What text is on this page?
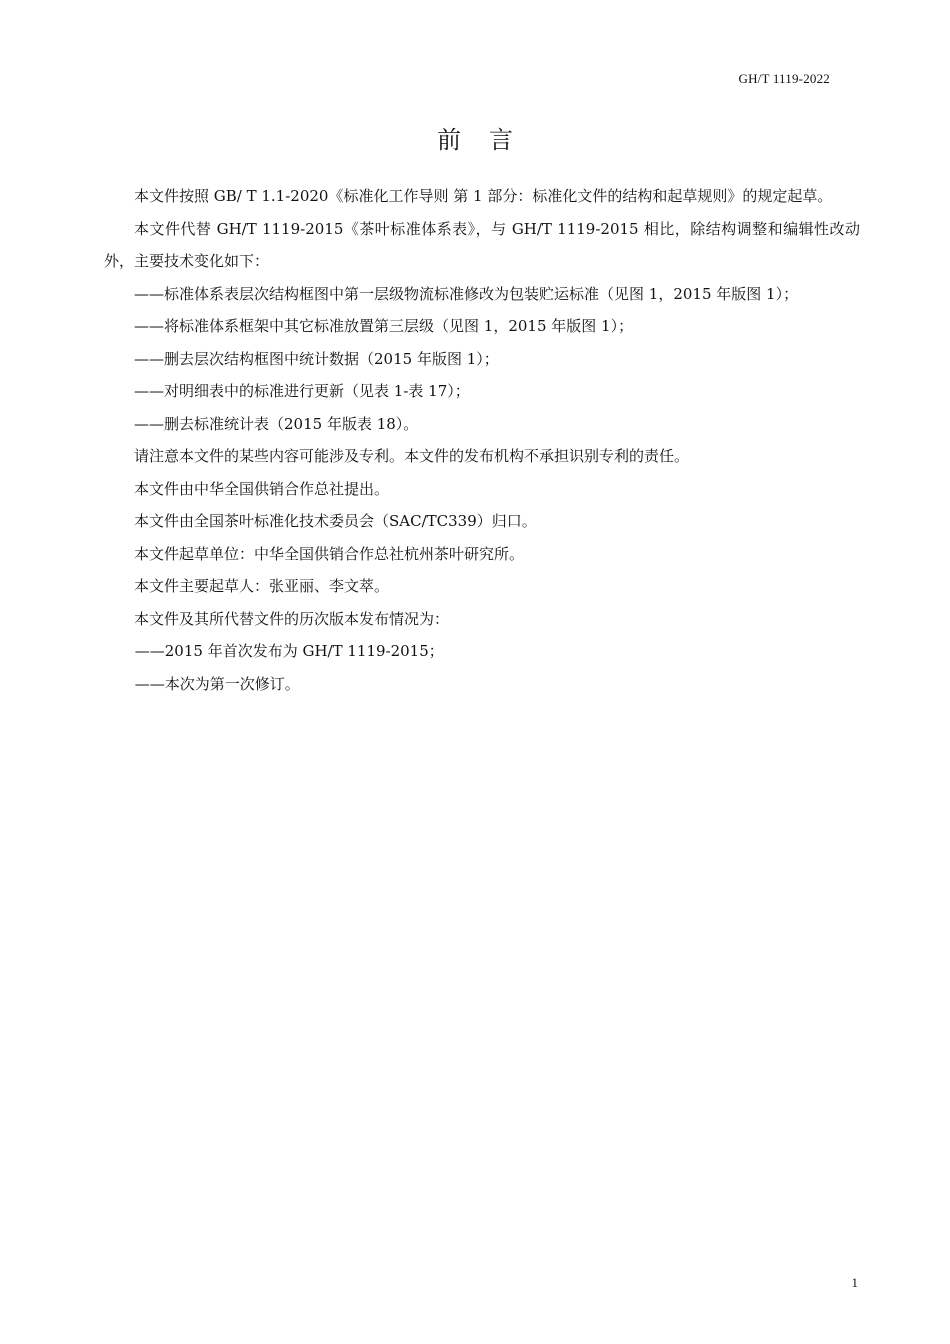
GH/T 1119-2022
前言

本文件按照 GB/ T 1.1-2020《标准化工作导则 第 1 部分：标准化文件的结构和起草规则》的规定起草。

本文件代替 GH/T 1119-2015《茶叶标准体系表》，与 GH/T 1119-2015 相比，除结构调整和编辑性改动外，主要技术变化如下：

——标准体系表层次结构框图中第一层级物流标准修改为包装贮运标准（见图 1，2015 年版图 1）；

——将标准体系框架中其它标准放置第三层级（见图 1，2015 年版图 1）；

——删去层次结构框图中统计数据（2015 年版图 1）；

——对明细表中的标准进行更新（见表 1-表 17）；

——删去标准统计表（2015 年版表 18）。

请注意本文件的某些内容可能涉及专利。本文件的发布机构不承担识别专利的责任。

本文件由中华全国供销合作总社提出。

本文件由全国茶叶标准化技术委员会（SAC/TC339）归口。

本文件起草单位：中华全国供销合作总社杭州茶叶研究所。

本文件主要起草人：张亚丽、李文萃。

本文件及其所代替文件的历次版本发布情况为：

——2015 年首次发布为 GH/T 1119-2015；

——本次为第一次修订。

1
